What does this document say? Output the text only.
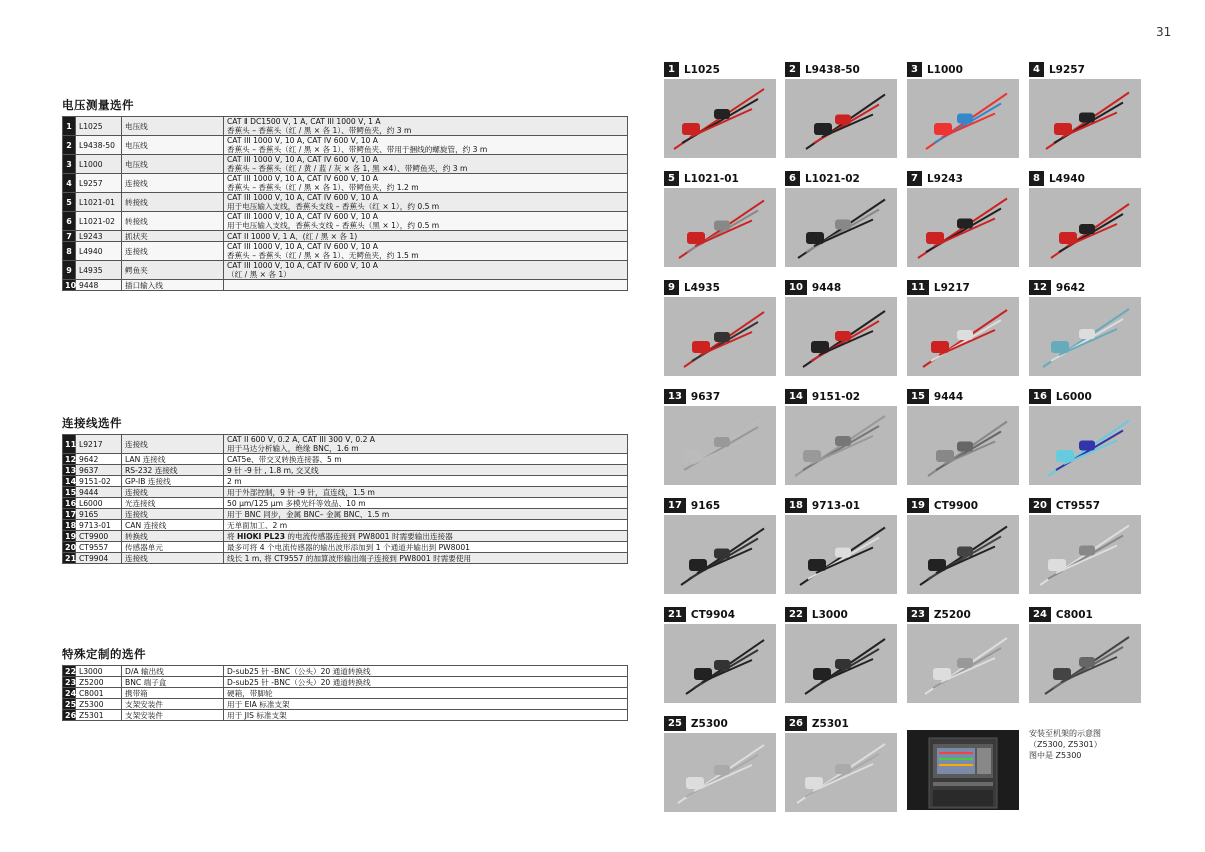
31
电压测量选件
1	L1025	电压线	CAT Ⅱ DC1500 V, 1 A, CAT III 1000 V, 1 A
香蕉头 – 香蕉头（红 / 黑 × 各 1）、带鳄鱼夹，约 3 m

2	L9438-50	电压线	CAT III 1000 V, 10 A, CAT IV 600 V, 10 A
香蕉头 – 香蕉头（红 / 黑 × 各 1）、带鳄鱼夹、带用于捆线的螺旋管，约 3 m

3	L1000	电压线	CAT III 1000 V, 10 A, CAT IV 600 V, 10 A
香蕉头 – 香蕉头（红 / 黄 / 蓝 / 灰 × 各 1, 黑 ×4）、带鳄鱼夹，约 3 m

4	L9257	连接线	CAT III 1000 V, 10 A, CAT IV 600 V, 10 A
香蕉头 – 香蕉头（红 / 黑 × 各 1）、带鳄鱼夹，约 1.2 m

5	L1021-01	转接线	CAT III 1000 V, 10 A, CAT IV 600 V, 10 A
用于电压输入支线，香蕉头支线 – 香蕉头（红 × 1），约 0.5 m

6	L1021-02	转接线	CAT III 1000 V, 10 A, CAT IV 600 V, 10 A
用于电压输入支线，香蕉头支线 – 香蕉头（黑 × 1），约 0.5 m

7	L9243	抓状夹	CAT II 1000 V, 1 A、(红 / 黑 × 各 1)

8	L4940	连接线	CAT III 1000 V, 10 A, CAT IV 600 V, 10 A
香蕉头 – 香蕉头（红 / 黑 × 各 1）、无鳄鱼夹，约 1.5 m

9	L4935	鳄鱼夹	CAT III 1000 V, 10 A, CAT IV 600 V, 10 A
（红 / 黑 × 各 1）

10	9448	插口输入线	
连接线选件
11	L9217	连接线	CAT II 600 V, 0.2 A, CAT III 300 V, 0.2 A
用于马达分析输入，绝缘 BNC，1.6 m

12	9642	LAN 连接线	CAT5e、带交叉转换连接器、5 m

13	9637	RS-232 连接线	9 针 -9 针 , 1.8 m, 交叉线

14	9151-02	GP-IB 连接线	2 m

15	9444	连接线	用于外部控制，9 针 -9 针，直连线，1.5 m

16	L6000	光连接线	50 µm/125 µm 多模光纤等效品、10 m

17	9165	连接线	用于 BNC 同步，金属 BNC– 金属 BNC、1.5 m

18	9713-01	CAN 连接线	无单面加工、2 m

19	CT9900	转换线	将 HIOKI PL23 的电流传感器连接到 PW8001 时需要输出连接器
20	CT9557	传感器单元	最多可将 4 个电流传感器的输出波形添加到 1 个通道并输出到 PW8001

21	CT9904	连接线	线长 1 m, 将 CT9557 的加算波形输出端子连接到 PW8001 时需要使用
特殊定制的选件
22	L3000	D/A 输出线	D-sub25 针 -BNC（公头）20 通道转换线

23	Z5200	BNC 端子盒	D-sub25 针 -BNC（公头）20 通道转换线

24	C8001	携带箱	硬箱，带脚轮

25	Z5300	支架安装件	用于 EIA 标准支架

26	Z5301	支架安装件	用于 JIS 标准支架
1 L1025	2 L9438-50	3 L1000	4 L9257
5 L1021-01	6 L1021-02	7 L9243	8 L4940
9 L4935	10 9448	11 L9217	12 9642
13 9637	14 9151-02	15 9444	16 L6000
17 9165	18 9713-01	19 CT9900	20 CT9557
21 CT9904	22 L3000	23 Z5200	24 C8001
25 Z5300	26 Z5301
安装至机架的示意图
（Z5300, Z5301）
图中是 Z5300
